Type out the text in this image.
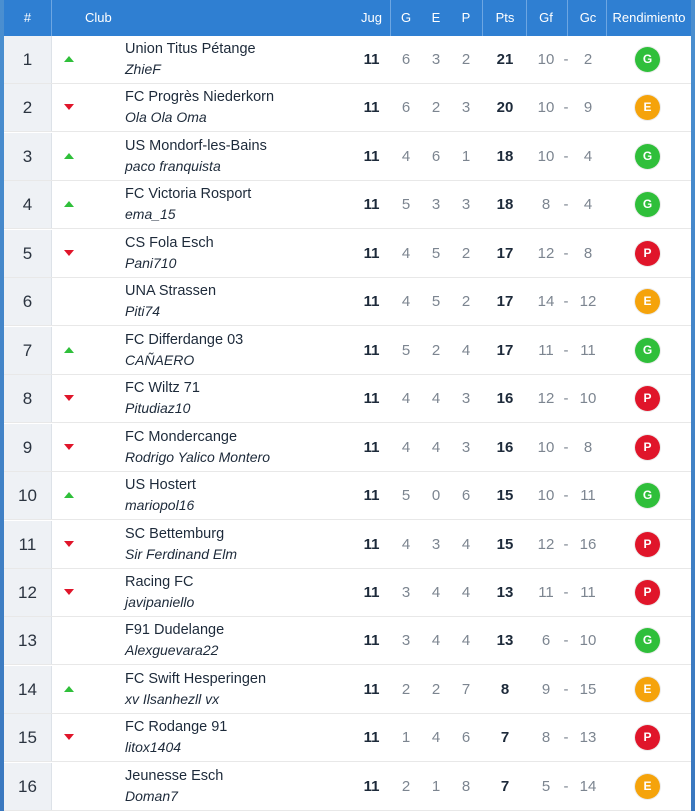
#	Club	Jug	G	E	P	Pts	Gf	Gc	Rendimiento
1
Union Titus Pétange
ZhieF
11	6	3	2	21	10 -	2	G
2
FC Progrès Niederkorn
Ola Ola Oma
11	6	2	3	20	10 -	9	E
3
US Mondorf-les-Bains
paco franquista
11	4	6	1	18	10 -	4	G
4
FC Victoria Rosport
ema_15
11	5	3	3	18	8 -	4	G
5
CS Fola Esch
Pani710
11	4	5	2	17	12 -	8	P
6
UNA Strassen
Piti74
11	4	5	2	17	14 - 12	E
7
FC Differdange 03
CAÑAERO
11	5	2	4	17	11 - 11	G
8
FC Wiltz 71
Pitudiaz10
11	4	4	3	16	12 - 10	P
9
FC Mondercange
Rodrigo Yalico Montero
11	4	4	3	16	10 -	8	P
10
US Hostert
mariopol16
11	5	0	6	15	10 - 11	G
11
SC Bettemburg
Sir Ferdinand Elm
11	4	3	4	15	12 - 16	P
12
Racing FC
javipaniello
11	3	4	4	13	11 - 11	P
13
F91 Dudelange
Alexguevara22
11	3	4	4	13	6 - 10	G
14
FC Swift Hesperingen
xv Ilsanhezll vx
11	2	2	7	8	9 - 15	E
15
FC Rodange 91
litox1404
11	1	4	6	7	8 - 13	P
16
Jeunesse Esch
Doman7
11	2	1	8	7	5 - 14	E
